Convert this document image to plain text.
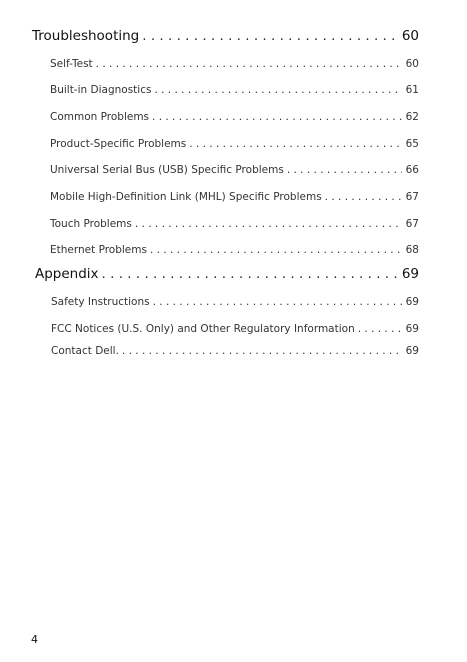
Troubleshooting . . .	60
Self-Test . . .	60
Built-in Diagnostics . . .	61
Common Problems . . .	62
Product-Specific Problems . . .	65
Universal Serial Bus (USB) Specific Problems . . .	66
Mobile High-Definition Link (MHL) Specific Problems . . .	67
Touch Problems . . .	67
Ethernet Problems . . .	68
Appendix . . .	69
Safety Instructions . . .	69
FCC Notices (U.S. Only) and Other Regulatory Information . . .	69
Contact Dell. . . .	69
4
